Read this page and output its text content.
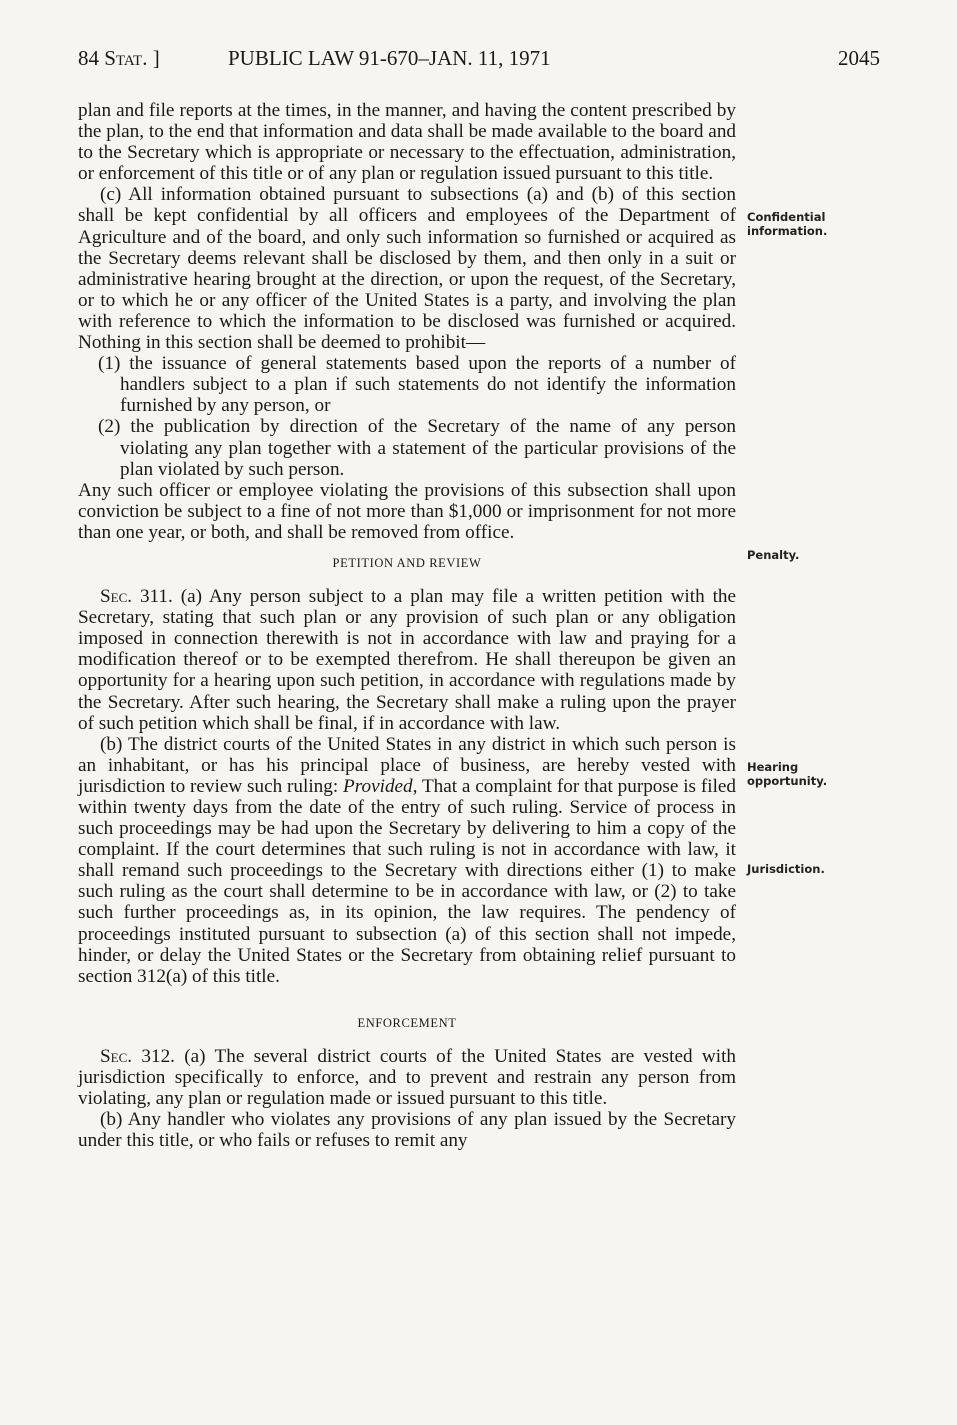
84 Stat. ]	PUBLIC LAW 91-670–JAN. 11, 1971	2045

plan and file reports at the times, in the manner, and having the content prescribed by the plan, to the end that information and data shall be made available to the board and to the Secretary which is appropriate or necessary to the effectuation, administration, or enforcement of this title or of any plan or regulation issued pursuant to this title.

(c) All information obtained pursuant to subsections (a) and (b) of this section shall be kept confidential by all officers and employees of the Department of Agriculture and of the board, and only such information so furnished or acquired as the Secretary deems relevant shall be disclosed by them, and then only in a suit or administrative hearing brought at the direction, or upon the request, of the Secretary, or to which he or any officer of the United States is a party, and involving the plan with reference to which the information to be disclosed was furnished or acquired. Nothing in this section shall be deemed to prohibit—

(1) the issuance of general statements based upon the reports of a number of handlers subject to a plan if such statements do not identify the information furnished by any person, or

(2) the publication by direction of the Secretary of the name of any person violating any plan together with a statement of the particular provisions of the plan violated by such person.

Any such officer or employee violating the provisions of this subsection shall upon conviction be subject to a fine of not more than $1,000 or imprisonment for not more than one year, or both, and shall be removed from office.

PETITION AND REVIEW

Sec. 311. (a) Any person subject to a plan may file a written petition with the Secretary, stating that such plan or any provision of such plan or any obligation imposed in connection therewith is not in accordance with law and praying for a modification thereof or to be exempted therefrom. He shall thereupon be given an opportunity for a hearing upon such petition, in accordance with regulations made by the Secretary. After such hearing, the Secretary shall make a ruling upon the prayer of such petition which shall be final, if in accordance with law.

(b) The district courts of the United States in any district in which such person is an inhabitant, or has his principal place of business, are hereby vested with jurisdiction to review such ruling: Provided, That a complaint for that purpose is filed within twenty days from the date of the entry of such ruling. Service of process in such proceedings may be had upon the Secretary by delivering to him a copy of the complaint. If the court determines that such ruling is not in accordance with law, it shall remand such proceedings to the Secretary with directions either (1) to make such ruling as the court shall determine to be in accordance with law, or (2) to take such further proceedings as, in its opinion, the law requires. The pendency of proceedings instituted pursuant to subsection (a) of this section shall not impede, hinder, or delay the United States or the Secretary from obtaining relief pursuant to section 312(a) of this title.

ENFORCEMENT

Sec. 312. (a) The several district courts of the United States are vested with jurisdiction specifically to enforce, and to prevent and restrain any person from violating, any plan or regulation made or issued pursuant to this title.

(b) Any handler who violates any provisions of any plan issued by the Secretary under this title, or who fails or refuses to remit any

Confidential information.
Penalty.
Hearing opportunity.
Jurisdiction.
